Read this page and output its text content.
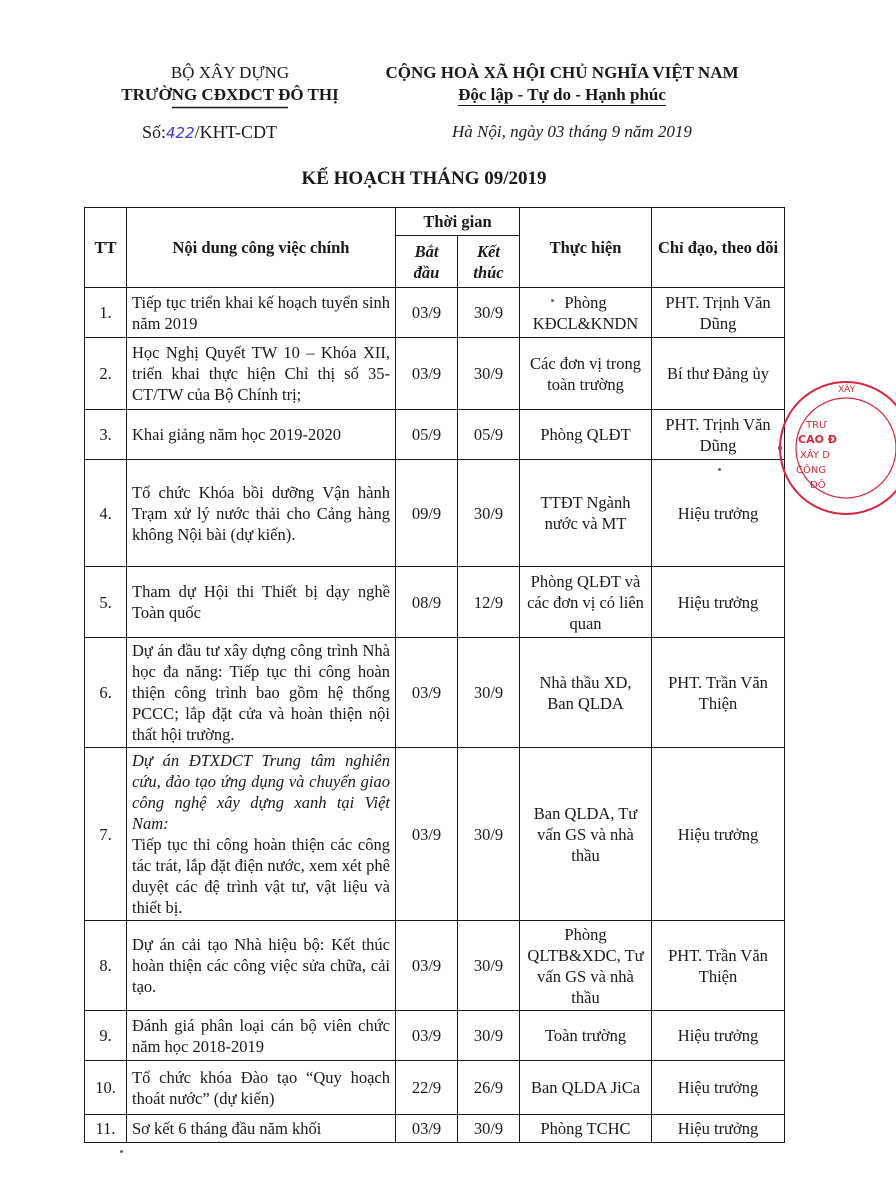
BỘ XÂY DỰNG
TRƯỜNG CĐXDCT ĐÔ THỊ
CỘNG HOÀ XÃ HỘI CHỦ NGHĨA VIỆT NAM
Độc lập - Tự do - Hạnh phúc
Số:422/KHT-CDT	Hà Nội, ngày 03 tháng 9 năm 2019
KẾ HOẠCH THÁNG 09/2019
TT	Nội dung công việc chính	Thời gian		Thực hiện	Chỉ đạo, theo dõi
		Bắt đầu	Kết thúc		
1.	Tiếp tục triển khai kế hoạch tuyển sinh năm 2019	03/9	30/9	Phòng KĐCL&KNDN	PHT. Trịnh Văn Dũng
2.	Học Nghị Quyết TW 10 – Khóa XII, triển khai thực hiện Chỉ thị số 35-CT/TW của Bộ Chính trị;	03/9	30/9	Các đơn vị trong toàn trường	Bí thư Đảng ủy
3.	Khai giảng năm học 2019-2020	05/9	05/9	Phòng QLĐT	PHT. Trịnh Văn Dũng
4.	Tổ chức Khóa bồi dưỡng Vận hành Trạm xử lý nước thải cho Cảng hàng không Nội bài (dự kiến).	09/9	30/9	TTĐT Ngành nước và MT	Hiệu trưởng
5.	Tham dự Hội thi Thiết bị dạy nghề Toàn quốc	08/9	12/9	Phòng QLĐT và các đơn vị có liên quan	Hiệu trưởng
6.	Dự án đầu tư xây dựng công trình Nhà học đa năng: Tiếp tục thi công hoàn thiện công trình bao gồm hệ thống PCCC; lắp đặt cửa và hoàn thiện nội thất hội trường.	03/9	30/9	Nhà thầu XD, Ban QLDA	PHT. Trần Văn Thiện
7.	Dự án ĐTXDCT Trung tâm nghiên cứu, đào tạo ứng dụng và chuyển giao công nghệ xây dựng xanh tại Việt Nam:
Tiếp tục thi công hoàn thiện các công tác trát, lắp đặt điện nước, xem xét phê duyệt các đệ trình vật tư, vật liệu và thiết bị.	03/9	30/9	Ban QLDA, Tư vấn GS và nhà thầu	Hiệu trưởng
8.	Dự án cải tạo Nhà hiệu bộ: Kết thúc hoàn thiện các công việc sửa chữa, cải tạo.	03/9	30/9	Phòng QLTB&XDC, Tư vấn GS và nhà thầu	PHT. Trần Văn Thiện
9.	Đánh giá phân loại cán bộ viên chức năm học 2018-2019	03/9	30/9	Toàn trường	Hiệu trưởng
10.	Tổ chức khóa Đào tạo “Quy hoạch thoát nước” (dự kiến)	22/9	26/9	Ban QLDA JiCa	Hiệu trưởng
11.	Sơ kết 6 tháng đầu năm khối	03/9	30/9	Phòng TCHC	Hiệu trưởng
XÂY
TRƯ
CAO Đ
XÂY D
CÔNG
ĐÔ
